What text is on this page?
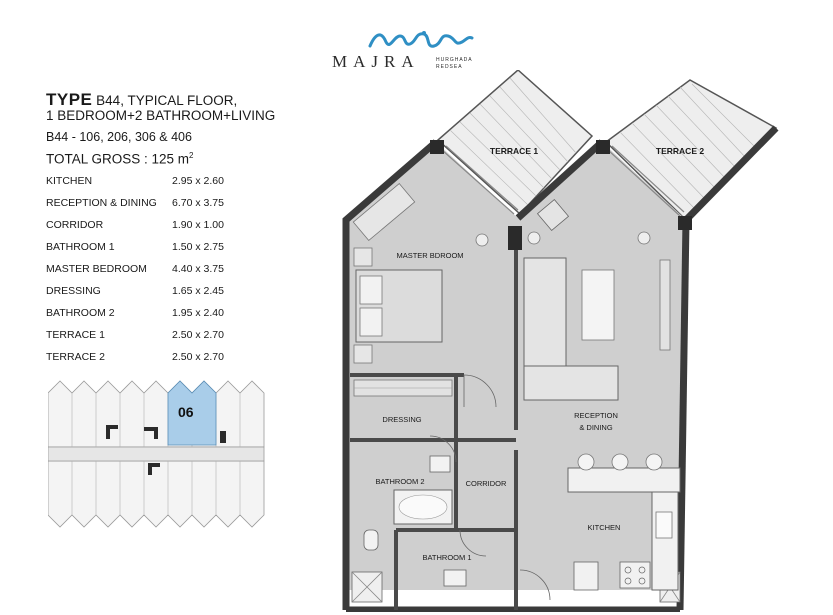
MAJRA	HURGHADA
REDSEA
TYPE B44, TYPICAL FLOOR,
1 BEDROOM+2 BATHROOM+LIVING
B44 - 106, 206, 306 & 406
TOTAL GROSS : 125 $m^2$
KITCHEN	2.95 x 2.60
RECEPTION & DINING 6.70 x 3.75
CORRIDOR	1.90 x 1.00
BATHROOM 1	1.50 x 2.75
MASTER BEDROOM 4.40 x 3.75
DRESSING	1.65 x 2.45
BATHROOM 2	1.95 x 2.40
TERRACE 1	2.50 x 2.70
TERRACE 2	2.50 x 2.70
06
TERRACE 1	TERRACE 2
MASTER BDROOM
DRESSING
BATHROOM 2	CORRIDOR
BATHROOM 1
RECEPTION
& DINING
KITCHEN
